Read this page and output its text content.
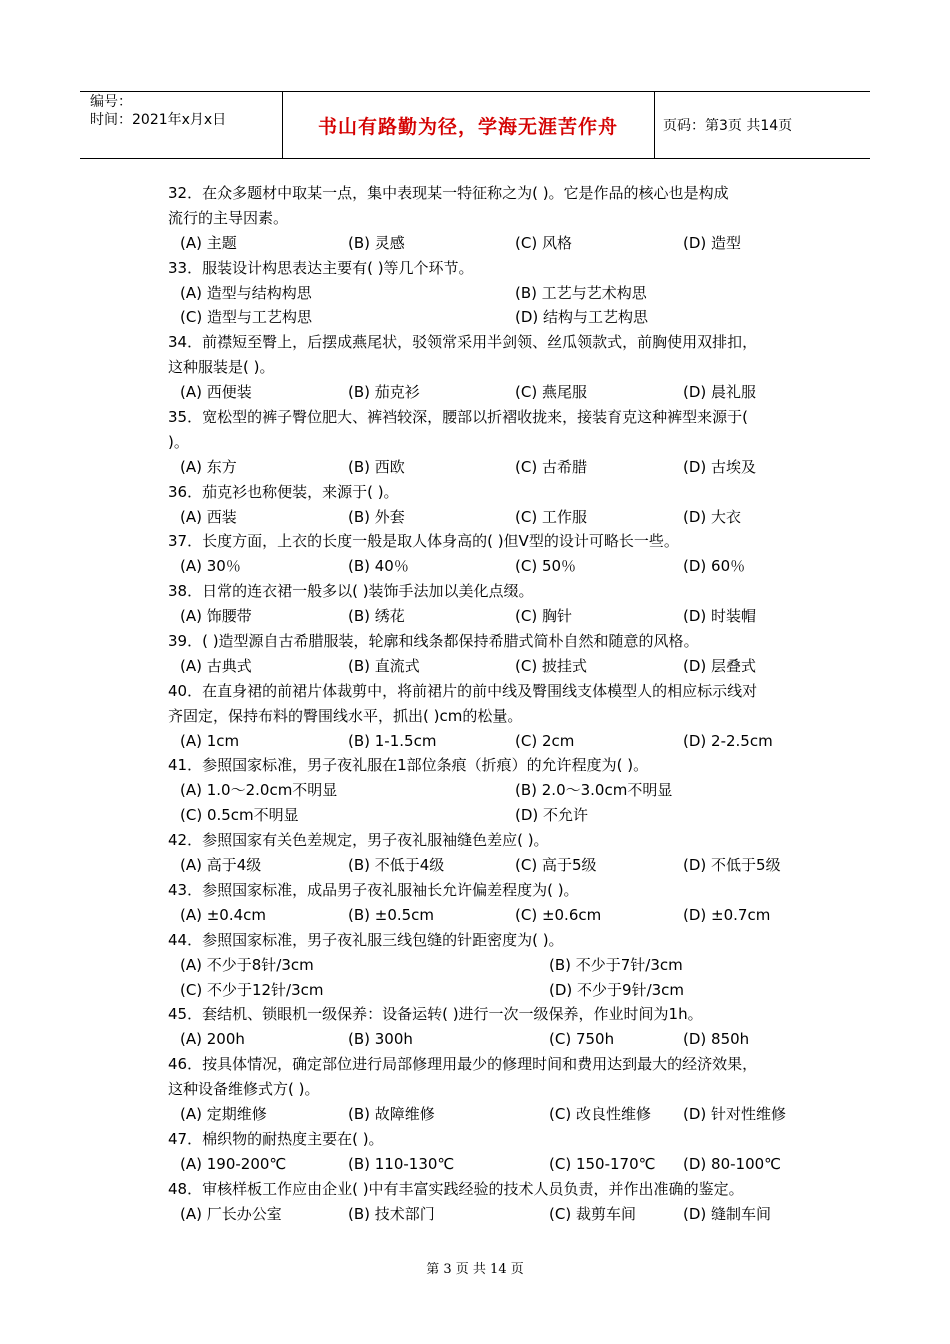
编号：
时间：2021年x月x日	书山有路勤为径，学海无涯苦作舟	页码：第3页 共14页
32．在众多题材中取某一点，集中表现某一特征称之为( )。它是作品的核心也是构成
流行的主导因素。
(A) 主题	(B) 灵感	(C) 风格	(D) 造型
33．服装设计构思表达主要有( )等几个环节。
(A) 造型与结构构思	(B) 工艺与艺术构思
(C) 造型与工艺构思	(D) 结构与工艺构思
34．前襟短至臀上，后摆成燕尾状，驳领常采用半剑领、丝瓜领款式，前胸使用双排扣，
这种服装是( )。
(A) 西便装	(B) 茄克衫	(C) 燕尾服	(D) 晨礼服
35．宽松型的裤子臀位肥大、裤裆较深，腰部以折褶收拢来，接装育克这种裤型来源于(
)。
(A) 东方	(B) 西欧	(C) 古希腊	(D) 古埃及
36．茄克衫也称便装，来源于( )。
(A) 西装	(B) 外套	(C) 工作服	(D) 大衣
37．长度方面，上衣的长度一般是取人体身高的( )但V型的设计可略长一些。
(A) 30％	(B) 40％	(C) 50％	(D) 60％
38．日常的连衣裙一般多以( )装饰手法加以美化点缀。
(A) 饰腰带	(B) 绣花	(C) 胸针	(D) 时装帽
39．( )造型源自古希腊服装，轮廓和线条都保持希腊式简朴自然和随意的风格。
(A) 古典式	(B) 直流式	(C) 披挂式	(D) 层叠式
40．在直身裙的前裙片体裁剪中，将前裙片的前中线及臀围线支体模型人的相应标示线对
齐固定，保持布料的臀围线水平，抓出( )cm的松量。
(A) 1cm	(B) 1-1.5cm	(C) 2cm	(D) 2-2.5cm
41．参照国家标准，男子夜礼服在1部位条痕（折痕）的允许程度为( )。
(A) 1.0～2.0cm不明显	(B) 2.0～3.0cm不明显
(C) 0.5cm不明显	(D) 不允许
42．参照国家有关色差规定，男子夜礼服袖缝色差应( )。
(A) 高于4级	(B) 不低于4级	(C) 高于5级	(D) 不低于5级
43．参照国家标准，成品男子夜礼服袖长允许偏差程度为( )。
(A) ±0.4cm	(B) ±0.5cm	(C) ±0.6cm	(D) ±0.7cm
44．参照国家标准，男子夜礼服三线包缝的针距密度为( )。
(A) 不少于8针/3cm	(B) 不少于7针/3cm
(C) 不少于12针/3cm	(D) 不少于9针/3cm
45．套结机、锁眼机一级保养：设备运转( )进行一次一级保养，作业时间为1h。
(A) 200h	(B) 300h	(C) 750h	(D) 850h
46．按具体情况，确定部位进行局部修理用最少的修理时间和费用达到最大的经济效果，
这种设备维修式方( )。
(A) 定期维修	(B) 故障维修	(C) 改良性维修 (D) 针对性维修
47．棉织物的耐热度主要在( )。
(A) 190-200℃	(B) 110-130℃	(C) 150-170℃ (D) 80-100℃
48．审核样板工作应由企业( )中有丰富实践经验的技术人员负责，并作出准确的鉴定。
(A) 厂长办公室	(B) 技术部门	(C) 裁剪车间	(D) 缝制车间
第 3 页 共 14 页
